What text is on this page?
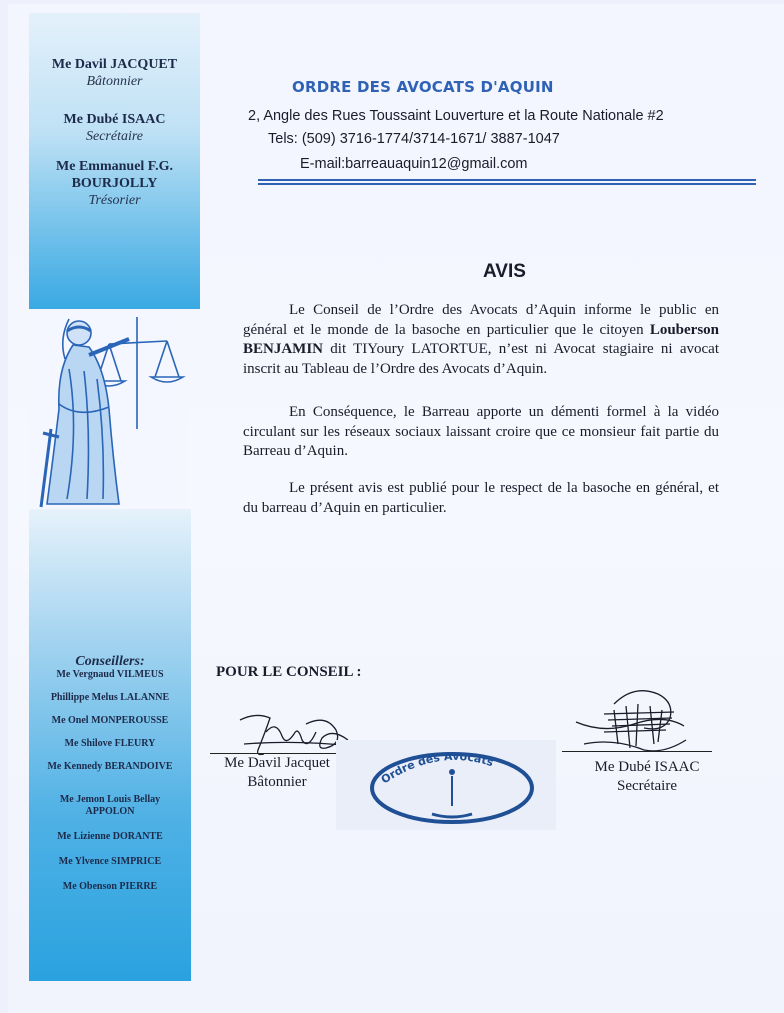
Me Davil JACQUET
Bâtonnier
Me Dubé ISAAC
Secrétaire
Me Emmanuel F.G.
BOURJOLLY
Trésorier
Conseillers:
Me Vergnaud VILMEUS
Phillippe Melus LALANNE
Me Onel MONPEROUSSE
Me Shilove FLEURY
Me Kennedy BERANDOIVE
Me Jemon Louis Bellay
APPOLON
Me Lizienne DORANTE
Me Ylvence SIMPRICE
Me Obenson PIERRE
ORDRE DES AVOCATS D'AQUIN
2, Angle des Rues Toussaint Louverture et la Route Nationale #2
Tels: (509) 3716-1774/3714-1671/ 3887-1047
E-mail:barreauaquin12@gmail.com
AVIS
Le Conseil de l’Ordre des Avocats d’Aquin informe le public en général et le monde de la basoche en particulier que le citoyen Louberson BENJAMIN dit TIYoury LATORTUE, n’est ni Avocat stagiaire ni avocat inscrit au Tableau de l’Ordre des Avocats d’Aquin.
En Conséquence, le Barreau apporte un démenti formel à la vidéo circulant sur les réseaux sociaux laissant croire que ce monsieur fait partie du Barreau d’Aquin.
Le présent avis est publié pour le respect de la basoche en général, et du barreau d’Aquin en particulier.
POUR LE CONSEIL :
Me Davil Jacquet
Bâtonnier	Ordre des Avocats	Me Dubé ISAAC
Secrétaire
